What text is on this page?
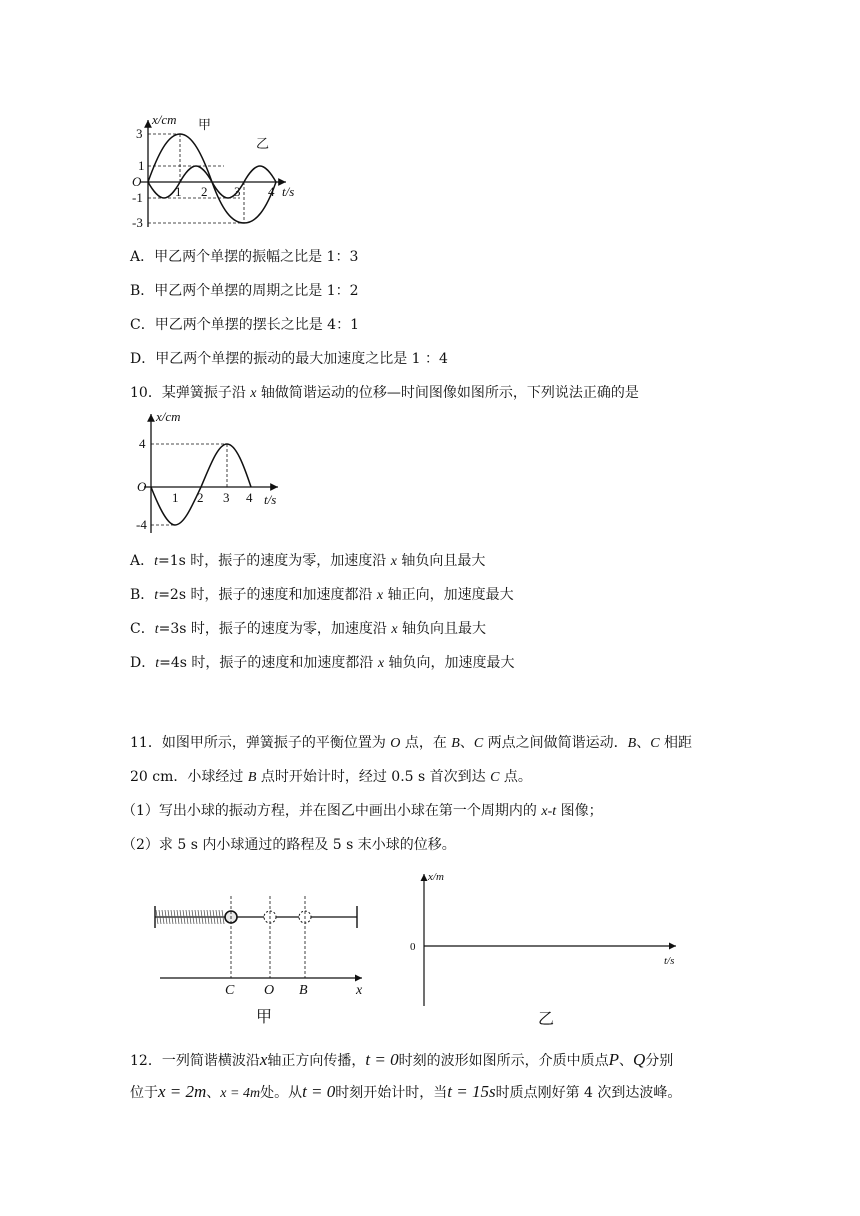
x/cm 甲
乙
O
t/s
3
1
-1
-3
1 2 3 4
A．甲乙两个单摆的振幅之比是 1：3
B．甲乙两个单摆的周期之比是 1：2
C．甲乙两个单摆的摆长之比是 4：1
D．甲乙两个单摆的振动的最大加速度之比是 1 ：4
10．某弹簧振子沿 x 轴做简谐运动的位移—时间图像如图所示，下列说法正确的是
x/cm
O
t/s
4
-4
1 2 3 4
A．t=1s 时，振子的速度为零，加速度沿 x 轴负向且最大
B．t=2s 时，振子的速度和加速度都沿 x 轴正向，加速度最大
C．t=3s 时，振子的速度为零，加速度沿 x 轴负向且最大
D．t=4s 时，振子的速度和加速度都沿 x 轴负向，加速度最大
11．如图甲所示，弹簧振子的平衡位置为 O 点，在 B、C 两点之间做简谐运动．B、C 相距
20 cm．小球经过 B 点时开始计时，经过 0.5 s 首次到达 C 点。
（1）写出小球的振动方程，并在图乙中画出小球在第一个周期内的 x-t 图像；
（2）求 5 s 内小球通过的路程及 5 s 末小球的位移。
C O B	x
甲
x/m
0
t/s
乙
12．一列简谐横波沿x轴正方向传播，t = 0时刻的波形如图所示，介质中质点P、Q分别
位于x = 2m、x = 4m处。从t = 0时刻开始计时，当t = 15s时质点刚好第 4 次到达波峰。
